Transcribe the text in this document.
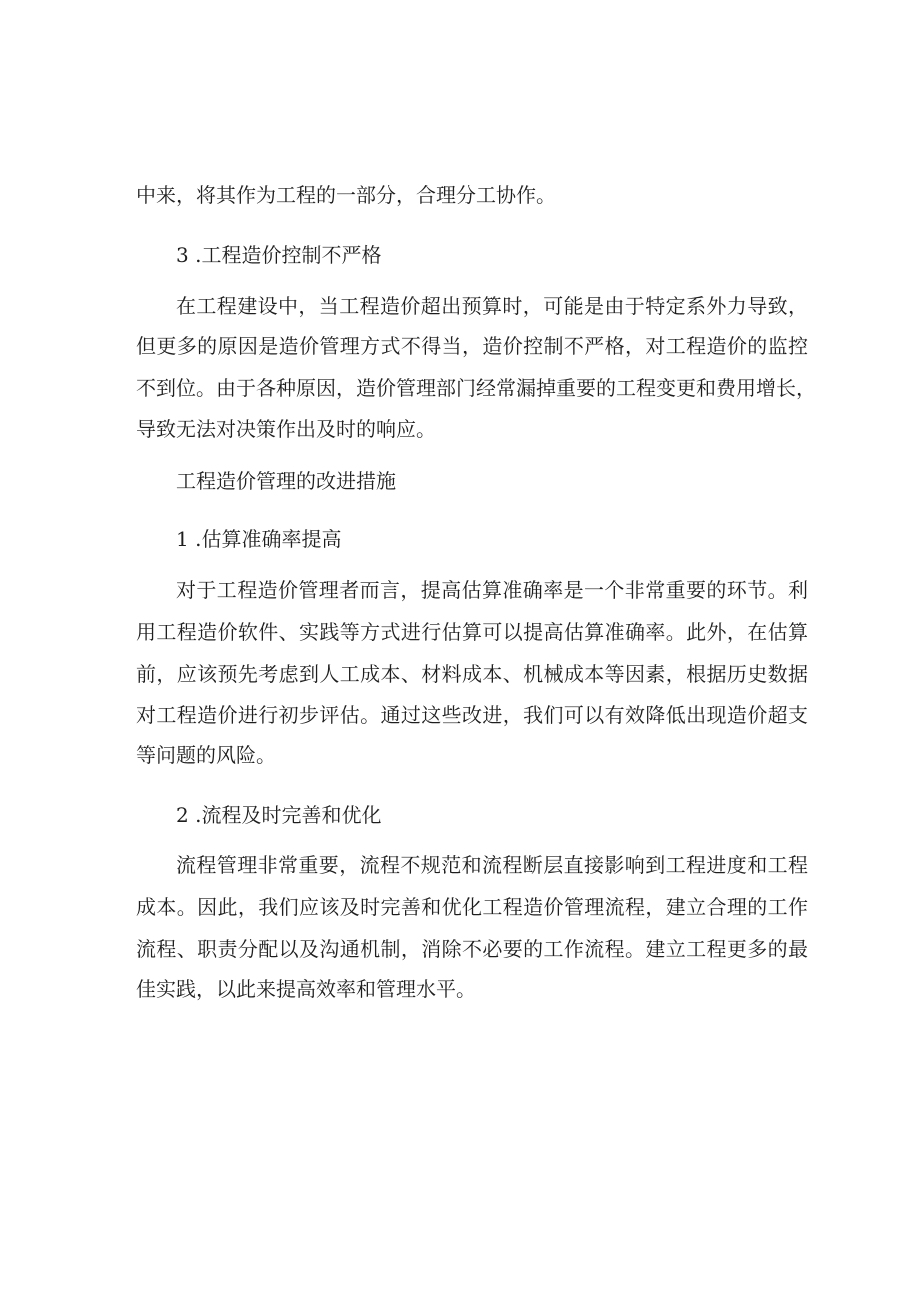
中来，将其作为工程的一部分，合理分工协作。
3 .工程造价控制不严格
在工程建设中，当工程造价超出预算时，可能是由于特定系外力导致，
但更多的原因是造价管理方式不得当，造价控制不严格，对工程造价的监控
不到位。由于各种原因，造价管理部门经常漏掉重要的工程变更和费用增长，
导致无法对决策作出及时的响应。
工程造价管理的改进措施
1 .估算准确率提高
对于工程造价管理者而言，提高估算准确率是一个非常重要的环节。利
用工程造价软件、实践等方式进行估算可以提高估算准确率。此外，在估算
前，应该预先考虑到人工成本、材料成本、机械成本等因素，根据历史数据
对工程造价进行初步评估。通过这些改进，我们可以有效降低出现造价超支
等问题的风险。
2 .流程及时完善和优化
流程管理非常重要，流程不规范和流程断层直接影响到工程进度和工程
成本。因此，我们应该及时完善和优化工程造价管理流程，建立合理的工作
流程、职责分配以及沟通机制，消除不必要的工作流程。建立工程更多的最
佳实践，以此来提高效率和管理水平。
